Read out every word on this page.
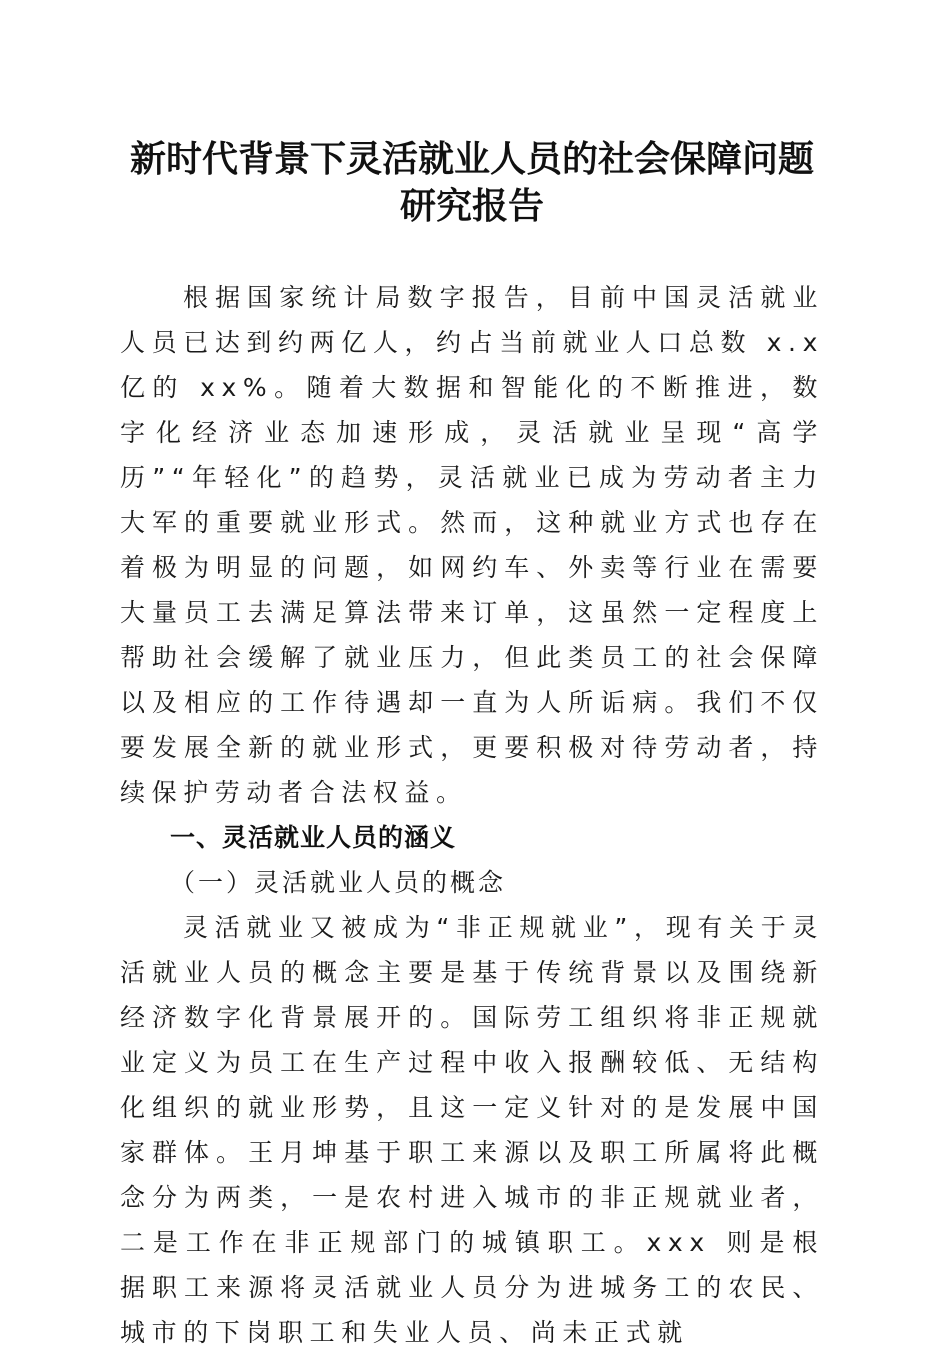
新时代背景下灵活就业人员的社会保障问题研究报告

根据国家统计局数字报告，目前中国灵活就业人员已达到约两亿人，约占当前就业人口总数 x.x 亿的 xx%。随着大数据和智能化的不断推进，数字化经济业态加速形成，灵活就业呈现“高学历”“年轻化”的趋势，灵活就业已成为劳动者主力大军的重要就业形式。然而，这种就业方式也存在着极为明显的问题，如网约车、外卖等行业在需要大量员工去满足算法带来订单，这虽然一定程度上帮助社会缓解了就业压力，但此类员工的社会保障以及相应的工作待遇却一直为人所诟病。我们不仅要发展全新的就业形式，更要积极对待劳动者，持续保护劳动者合法权益。

一、灵活就业人员的涵义

（一）灵活就业人员的概念

灵活就业又被成为“非正规就业”，现有关于灵活就业人员的概念主要是基于传统背景以及围绕新经济数字化背景展开的。国际劳工组织将非正规就业定义为员工在生产过程中收入报酬较低、无结构化组织的就业形势，且这一定义针对的是发展中国家群体。王月坤基于职工来源以及职工所属将此概念分为两类，一是农村进入城市的非正规就业者，二是工作在非正规部门的城镇职工。xxx 则是根据职工来源将灵活就业人员分为进城务工的农民、城市的下岗职工和失业人员、尚未正式就
